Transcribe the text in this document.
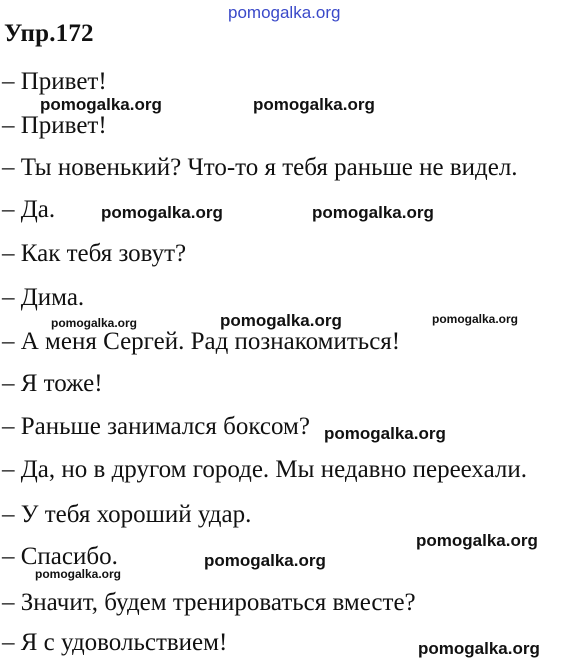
pomogalka.org
Упр.172
– Привет!
– Привет!
– Ты новенький? Что-то я тебя раньше не видел.
– Да.
– Как тебя зовут?
– Дима.
– А меня Сергей. Рад познакомиться!
– Я тоже!
– Раньше занимался боксом?
– Да, но в другом городе. Мы недавно переехали.
– У тебя хороший удар.
– Спасибо.
– Значит, будем тренироваться вместе?
– Я с удовольствием!
pomogalka.org	pomogalka.org
pomogalka.org	pomogalka.org
pomogalka.org	pomogalka.org	pomogalka.org
pomogalka.org
pomogalka.org
pomogalka.org
pomogalka.org
pomogalka.org
